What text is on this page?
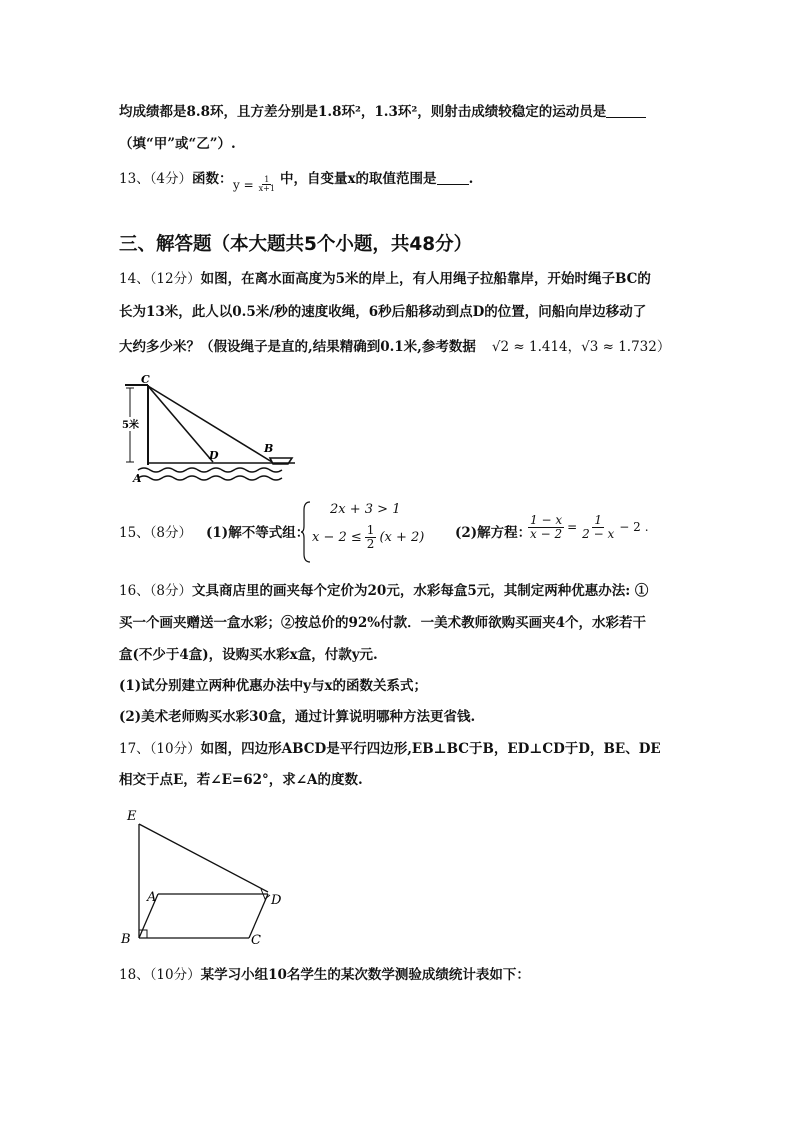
均成绩都是8.8环，且方差分别是1.8环²，1.3环²，则射击成绩较稳定的运动员是
（填“甲”或“乙”）.
13、（4分）函数： $y = \frac{1}{x+1}$ 中，自变量x的取值范围是 .
三、解答题（本大题共5个小题，共48分）
14、（12分）如图，在离水面高度为5米的岸上，有人用绳子拉船靠岸，开始时绳子BC的
长为13米，此人以0.5米/秒的速度收绳，6秒后船移动到点D的位置，问船向岸边移动了
大约多少米？（假设绳子是直的,结果精确到0.1米,参考数据 √2 ≈ 1.414，√3 ≈ 1.732）
5米
C
D
B
A
15、（8分） (1)解不等式组：
2x + 3 > 1
$x - 2 \le \frac{1}{2} (x + 2)$ (2)解方程：
$\frac{1 - x}{x - 2} = \frac{1}{2 - x} - 2$ .
16、（8分）文具商店里的画夹每个定价为20元，水彩每盒5元，其制定两种优惠办法: ①
买一个画夹赠送一盒水彩；②按总价的92%付款．一美术教师欲购买画夹4个，水彩若干
盒(不少于4盒)，设购买水彩x盒，付款y元.
(1)试分别建立两种优惠办法中y与x的函数关系式；
(2)美术老师购买水彩30盒，通过计算说明哪种方法更省钱.
17、（10分）如图，四边形ABCD是平行四边形,EB⊥BC于B，ED⊥CD于D，BE、DE
相交于点E，若∠E=62°，求∠A的度数.
E
A	D
B	C
18、（10分）某学习小组10名学生的某次数学测验成绩统计表如下：
